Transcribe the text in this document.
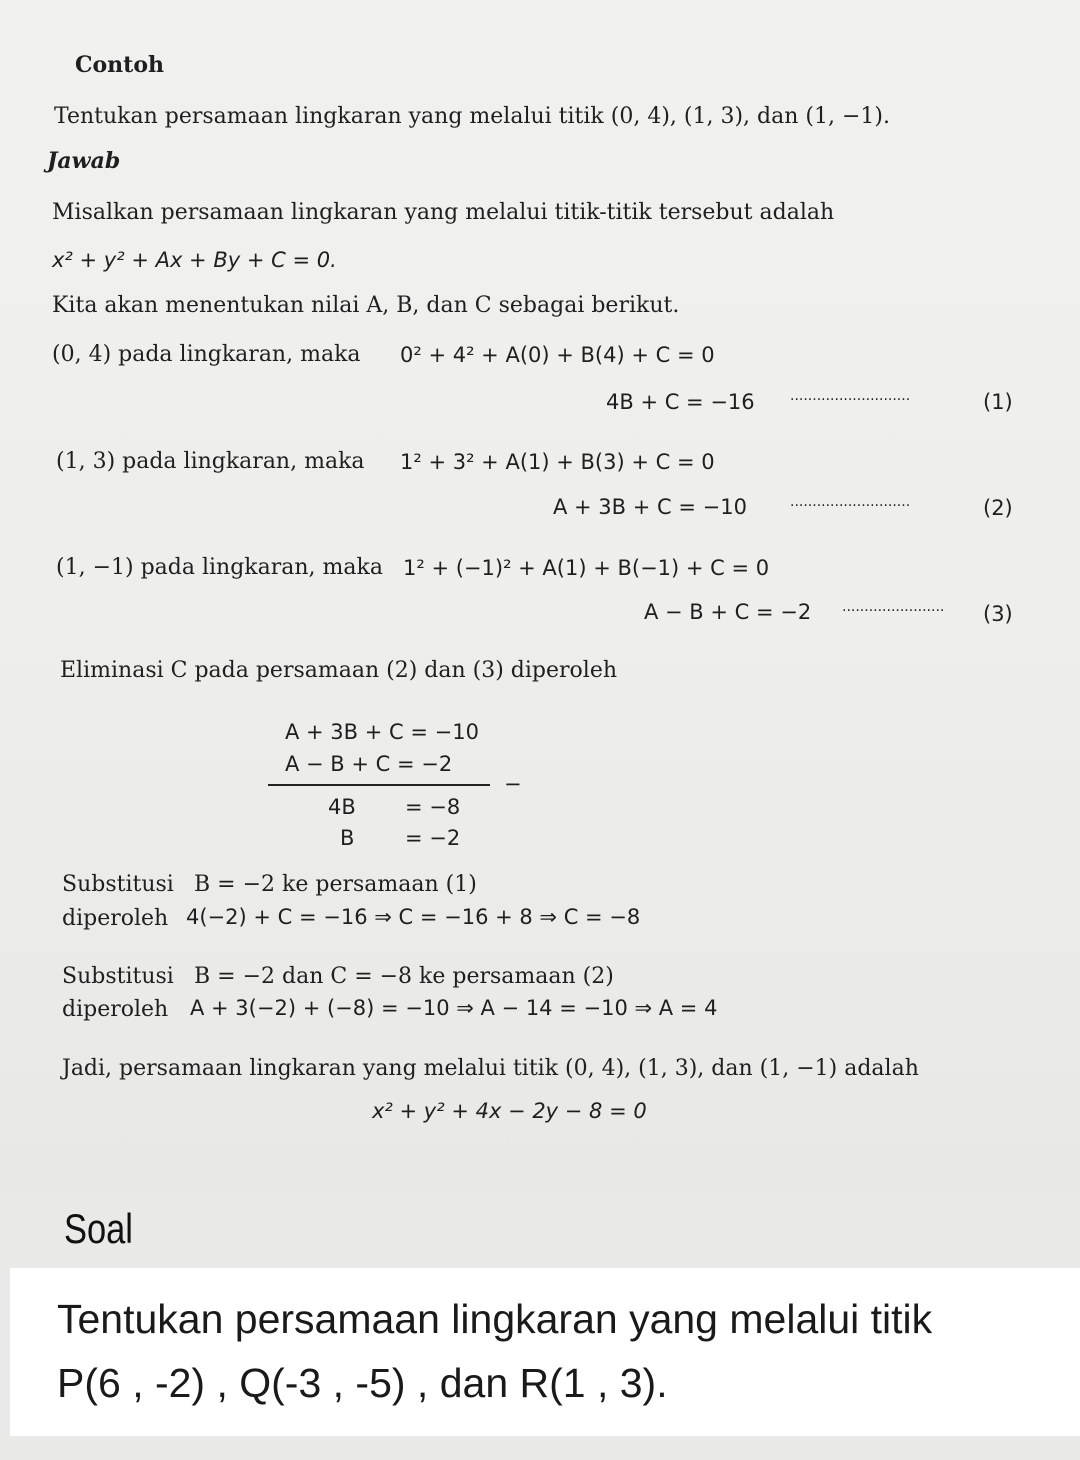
Contoh
Tentukan persamaan lingkaran yang melalui titik (0, 4), (1, 3), dan (1, −1).
Jawab
Misalkan persamaan lingkaran yang melalui titik-titik tersebut adalah
x² + y² + Ax + By + C = 0.
Kita akan menentukan nilai A, B, dan C sebagai berikut.
(0, 4) pada lingkaran, maka 0² + 4² + A(0) + B(4) + C = 0
4B + C = −16	...........................	(1)
(1, 3) pada lingkaran, maka 1² + 3² + A(1) + B(3) + C = 0
A + 3B + C = −10	...........................	(2)
(1, −1) pada lingkaran, maka 1² + (−1)² + A(1) + B(−1) + C = 0
A − B + C = −2 ....................... (3)
Eliminasi C pada persamaan (2) dan (3) diperoleh
A + 3B + C = −10
A − B + C = −2
−
4B = −8
B = −2
Substitusi B = −2 ke persamaan (1)
diperoleh 4(−2) + C = −16 ⇒ C = −16 + 8 ⇒ C = −8
Substitusi B = −2 dan C = −8 ke persamaan (2)
diperoleh A + 3(−2) + (−8) = −10 ⇒ A − 14 = −10 ⇒ A = 4
Jadi, persamaan lingkaran yang melalui titik (0, 4), (1, 3), dan (1, −1) adalah
x² + y² + 4x − 2y − 8 = 0
Soal
Tentukan persamaan lingkaran yang melalui titik
P(6 , -2) , Q(-3 , -5) , dan R(1 , 3).
